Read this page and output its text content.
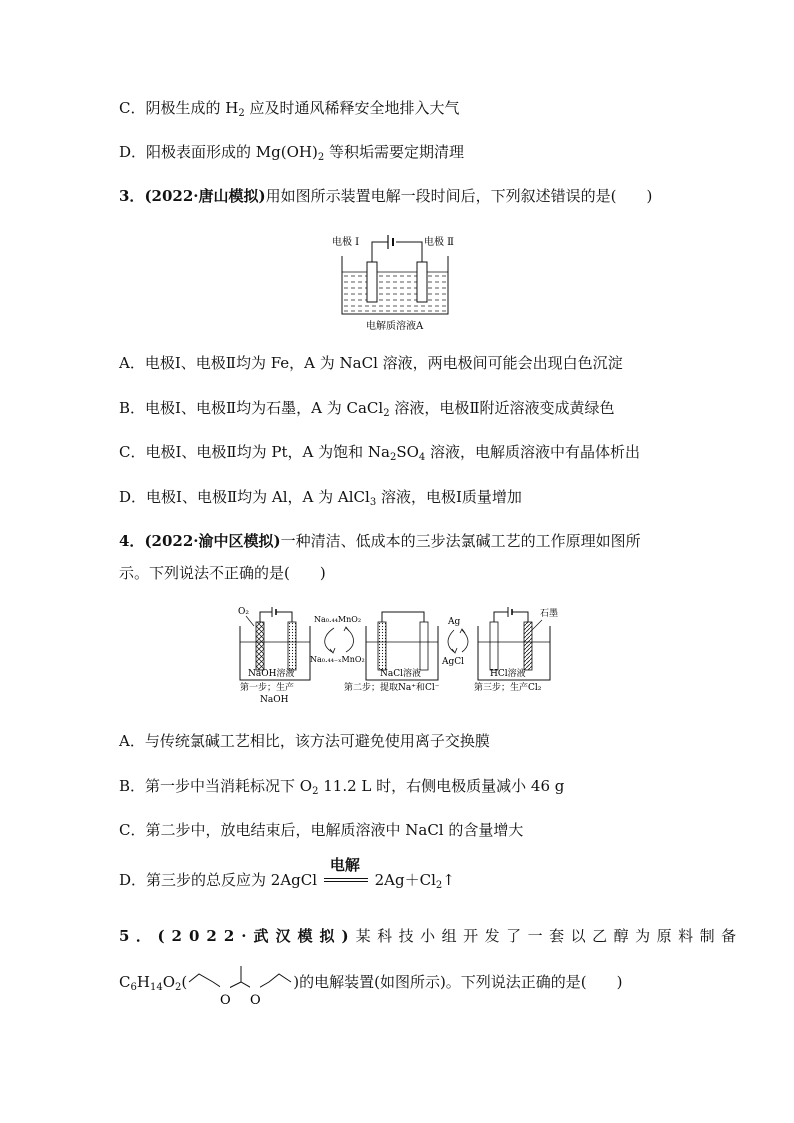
C．阴极生成的 $H_2$ 应及时通风稀释安全地排入大气
D．阳极表面形成的 $Mg(OH)_2$ 等积垢需要定期清理
3．(2022·唐山模拟)用如图所示装置电解一段时间后，下列叙述错误的是(　　)
电极 Ⅰ	电极 Ⅱ
电解质溶液A
A．电极Ⅰ、电极Ⅱ均为 Fe，A 为 NaCl 溶液，两电极间可能会出现白色沉淀
B．电极Ⅰ、电极Ⅱ均为石墨，A 为 CaCl$_2$ 溶液，电极Ⅱ附近溶液变成黄绿色
C．电极Ⅰ、电极Ⅱ均为 Pt，A 为饱和 $Na_2SO_4$ 溶液，电解质溶液中有晶体析出
D．电极Ⅰ、电极Ⅱ均为 Al，A 为 AlCl$_3$ 溶液，电极Ⅰ质量增加
4．(2022·渝中区模拟)一种清洁、低成本的三步法氯碱工艺的工作原理如图所
示。下列说法不正确的是(　　)
O₂
NaOH溶液
第一步；生产
NaOH
Na₀.₄₄MnO₂
Na₀.₄₄₋ₓMnO₂
NaCl溶液
第二步；提取Na⁺和Cl⁻
Ag
AgCl
石墨
HCl溶液
第三步；生产Cl₂
A．与传统氯碱工艺相比，该方法可避免使用离子交换膜
B．第一步中当消耗标况下 $O_2$ 11.2 L 时，右侧电极质量减小 46 g
C．第二步中，放电结束后，电解质溶液中 NaCl 的含量增大
D．第三步的总反应为 2AgCl
电解
$2Ag+Cl_2↑$
5．(2022·武汉模拟)某科技小组开发了一套以乙醇为原料制备
$C_6H_{14}O_2$(
O O
)的电解装置(如图所示)。下列说法正确的是(　　)
